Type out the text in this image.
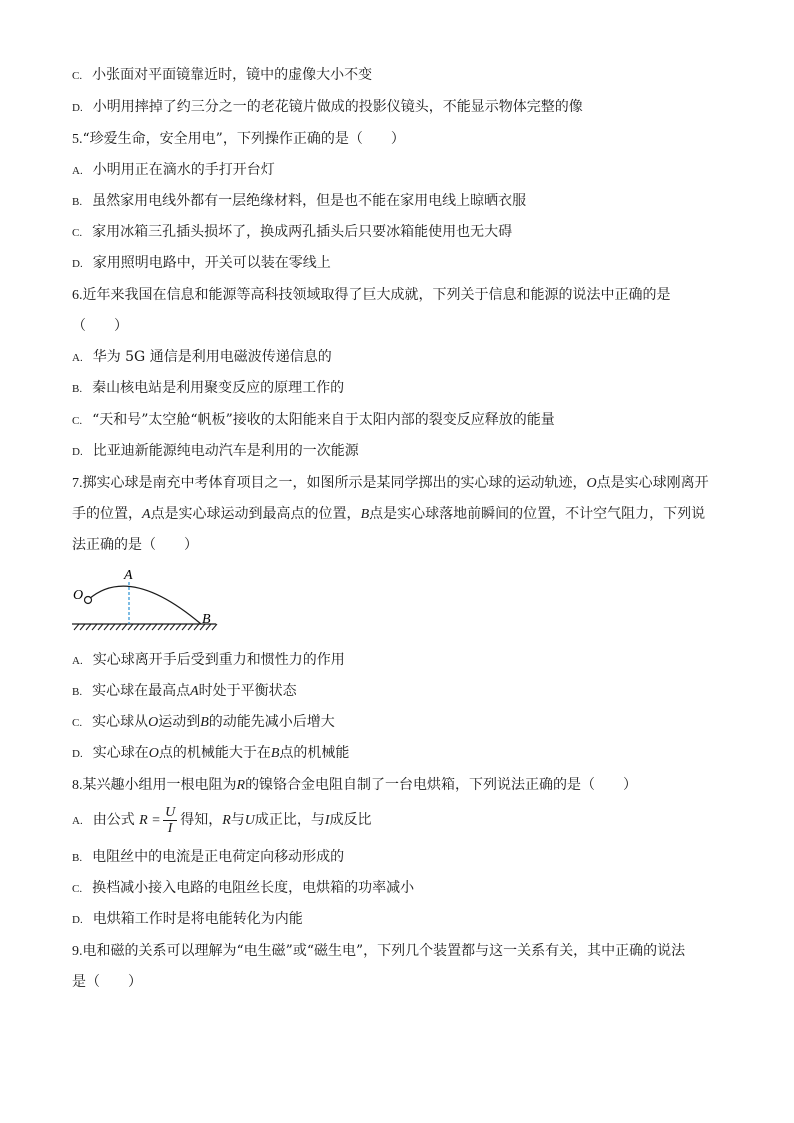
C. 小张面对平面镜靠近时，镜中的虚像大小不变
D. 小明用摔掉了约三分之一的老花镜片做成的投影仪镜头，不能显示物体完整的像
5.“珍爱生命，安全用电”，下列操作正确的是（　　）
A. 小明用正在滴水的手打开台灯
B. 虽然家用电线外都有一层绝缘材料，但是也不能在家用电线上晾晒衣服
C. 家用冰箱三孔插头损坏了，换成两孔插头后只要冰箱能使用也无大碍
D. 家用照明电路中，开关可以装在零线上
6.近年来我国在信息和能源等高科技领域取得了巨大成就，下列关于信息和能源的说法中正确的是
（　　）
A. 华为 5G 通信是利用电磁波传递信息的
B. 秦山核电站是利用聚变反应的原理工作的
C. “天和号”太空舱“帆板”接收的太阳能来自于太阳内部的裂变反应释放的能量
D. 比亚迪新能源纯电动汽车是利用的一次能源
7.掷实心球是南充中考体育项目之一，如图所示是某同学掷出的实心球的运动轨迹，O点是实心球刚离开
手的位置，A点是实心球运动到最高点的位置，B点是实心球落地前瞬间的位置，不计空气阻力，下列说
法正确的是（　　）
O
A
B
A. 实心球离开手后受到重力和惯性力的作用
B. 实心球在最高点A时处于平衡状态
C. 实心球从O运动到B的动能先减小后增大
D. 实心球在O点的机械能大于在B点的机械能
8.某兴趣小组用一根电阻为R的镍铬合金电阻自制了一台电烘箱，下列说法正确的是（　　）
A. 由公式 $R = \frac{U}{I}$ 得知，R与U成正比，与I成反比
B. 电阻丝中的电流是正电荷定向移动形成的
C. 换档减小接入电路的电阻丝长度，电烘箱的功率减小
D. 电烘箱工作时是将电能转化为内能
9.电和磁的关系可以理解为“电生磁”或“磁生电”，下列几个装置都与这一关系有关，其中正确的说法
是（　　）
